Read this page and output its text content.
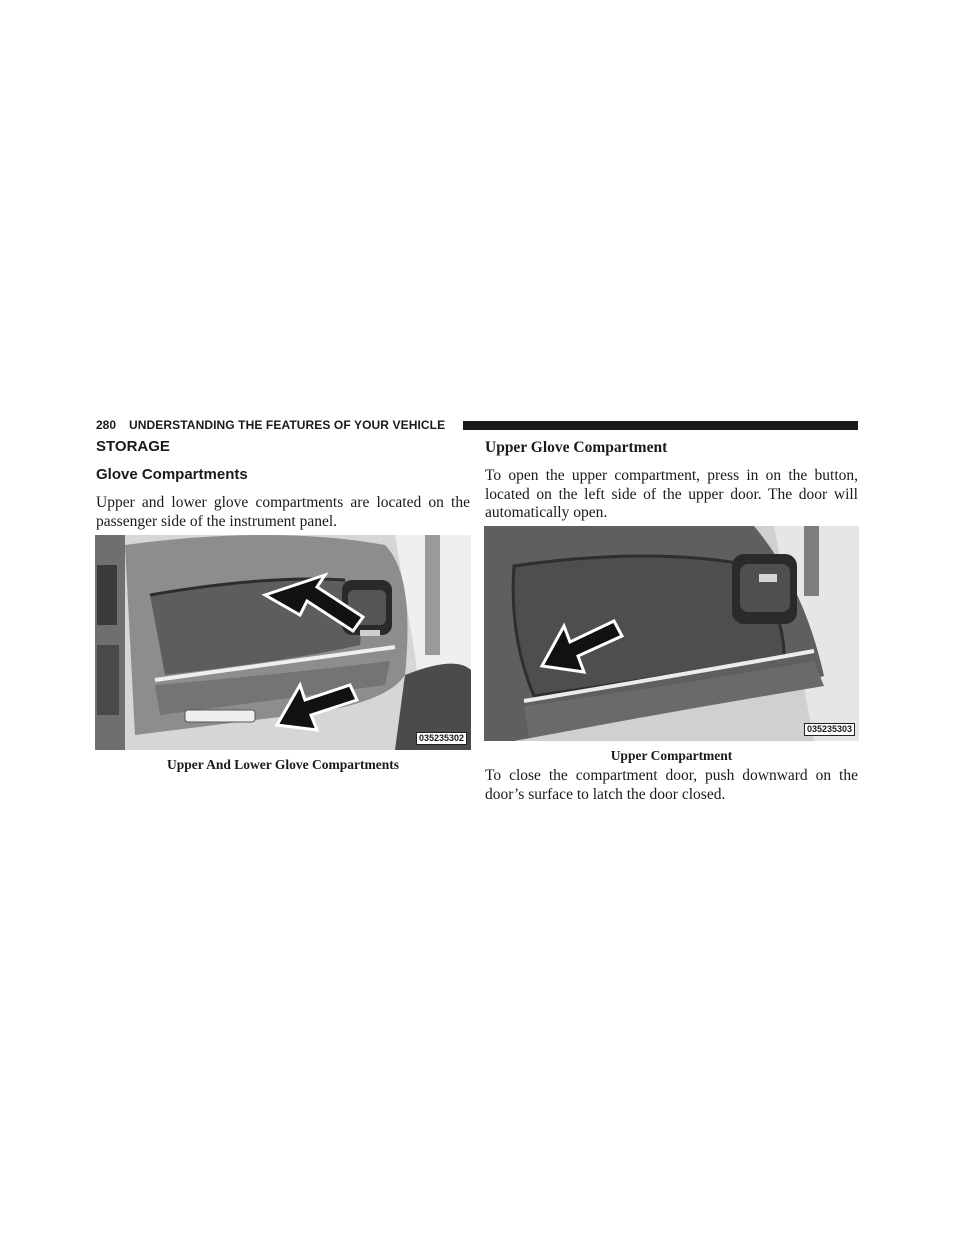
280 UNDERSTANDING THE FEATURES OF YOUR VEHICLE
STORAGE
Glove Compartments

Upper and lower glove compartments are located on the passenger side of the instrument panel.

035235302

Upper And Lower Glove Compartments

Upper Glove Compartment

To open the upper compartment, press in on the button, located on the left side of the upper door. The door will automatically open.

035235303

Upper Compartment

To close the compartment door, push downward on the door’s surface to latch the door closed.
